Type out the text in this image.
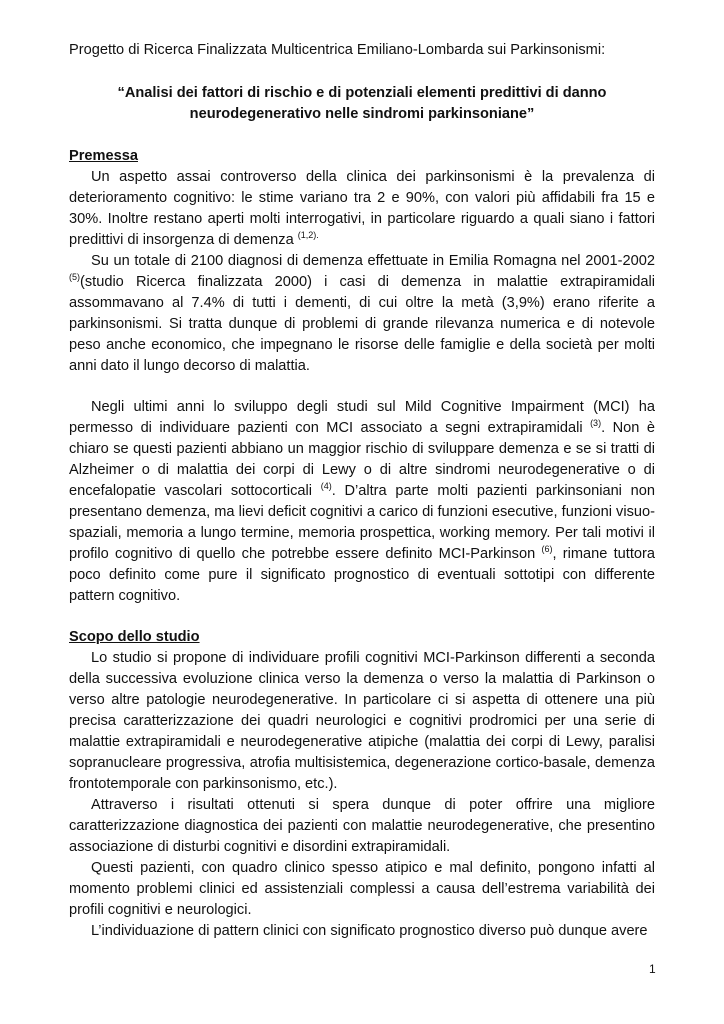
Progetto di Ricerca Finalizzata Multicentrica Emiliano-Lombarda sui Parkinsonismi:

“Analisi dei fattori di rischio e di potenziali elementi predittivi di danno
neurodegenerativo nelle sindromi parkinsoniane”

Premessa

Un aspetto assai controverso della clinica dei parkinsonismi è la prevalenza di deterioramento cognitivo: le stime variano tra 2 e 90%, con valori più affidabili fra 15 e 30%. Inoltre restano aperti molti interrogativi, in particolare riguardo a quali siano i fattori predittivi di insorgenza di demenza $^{(1,2).}$

Su un totale di 2100 diagnosi di demenza effettuate in Emilia Romagna nel 2001-2002 $^{(5)}$(studio Ricerca finalizzata 2000) i casi di demenza in malattie extrapiramidali assommavano al 7.4% di tutti i dementi, di cui oltre la metà (3,9%) erano riferite a parkinsonismi. Si tratta dunque di problemi di grande rilevanza numerica e di notevole peso anche economico, che impegnano le risorse delle famiglie e della società per molti anni dato il lungo decorso di malattia.

Negli ultimi anni lo sviluppo degli studi sul Mild Cognitive Impairment (MCI) ha permesso di individuare pazienti con MCI associato a segni extrapiramidali $^{(3)}$. Non è chiaro se questi pazienti abbiano un maggior rischio di sviluppare demenza e se si tratti di Alzheimer o di malattia dei corpi di Lewy o di altre sindromi neurodegenerative o di encefalopatie vascolari sottocorticali $^{(4)}$. D’altra parte molti pazienti parkinsoniani non presentano demenza, ma lievi deficit cognitivi a carico di funzioni esecutive, funzioni visuo-spaziali, memoria a lungo termine, memoria prospettica, working memory. Per tali motivi il profilo cognitivo di quello che potrebbe essere definito MCI-Parkinson $^{(6)}$, rimane tuttora poco definito come pure il significato prognostico di eventuali sottotipi con differente pattern cognitivo.

Scopo dello studio

Lo studio si propone di individuare profili cognitivi MCI-Parkinson differenti a seconda della successiva evoluzione clinica verso la demenza o verso la malattia di Parkinson o verso altre patologie neurodegenerative. In particolare ci si aspetta di ottenere una più precisa caratterizzazione dei quadri neurologici e cognitivi prodromici per una serie di malattie extrapiramidali e neurodegenerative atipiche (malattia dei corpi di Lewy, paralisi sopranucleare progressiva, atrofia multisistemica, degenerazione cortico-basale, demenza frontotemporale con parkinsonismo, etc.).

Attraverso i risultati ottenuti si spera dunque di poter offrire una migliore caratterizzazione diagnostica dei pazienti con malattie neurodegenerative, che presentino associazione di disturbi cognitivi e disordini extrapiramidali.

Questi pazienti, con quadro clinico spesso atipico e mal definito, pongono infatti al momento problemi clinici ed assistenziali complessi a causa dell’estrema variabilità dei profili cognitivi e neurologici.

L’individuazione di pattern clinici con significato prognostico diverso può dunque avere

1
